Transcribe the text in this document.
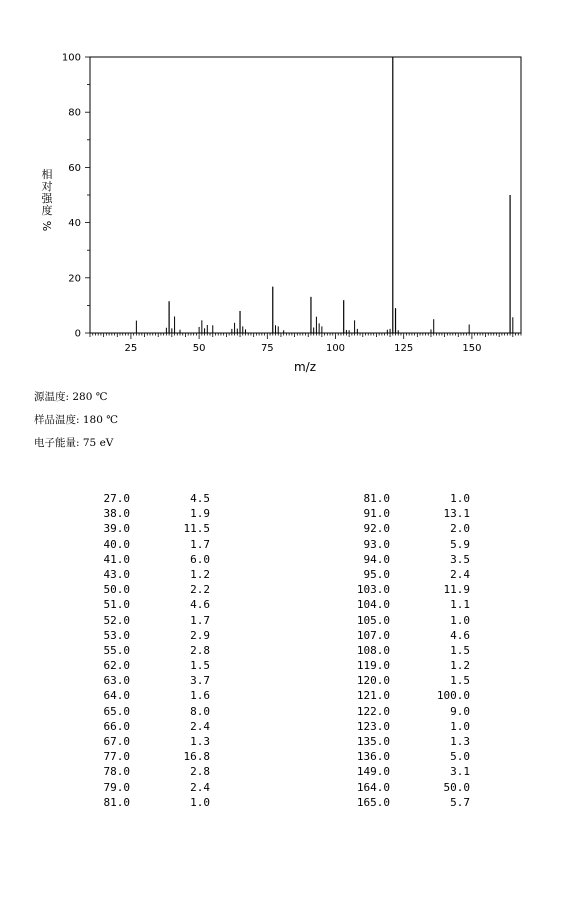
25	50	75	100	125	150
0
20
40
60
80
100
m/z
相
对
强
度
%
源温度: 280 ℃
样品温度: 180 ℃
电子能量: 75 eV
27.0	4.5
38.0	1.9
39.0	11.5
40.0	1.7
41.0	6.0
43.0	1.2
50.0	2.2
51.0	4.6
52.0	1.7
53.0	2.9
55.0	2.8
62.0	1.5
63.0	3.7
64.0	1.6
65.0	8.0
66.0	2.4
67.0	1.3
77.0	16.8
78.0	2.8
79.0	2.4
81.0	1.0
81.0	1.0
91.0	13.1
92.0	2.0
93.0	5.9
94.0	3.5
95.0	2.4
103.0	11.9
104.0	1.1
105.0	1.0
107.0	4.6
108.0	1.5
119.0	1.2
120.0	1.5
121.0	100.0
122.0	9.0
123.0	1.0
135.0	1.3
136.0	5.0
149.0	3.1
164.0	50.0
165.0	5.7
